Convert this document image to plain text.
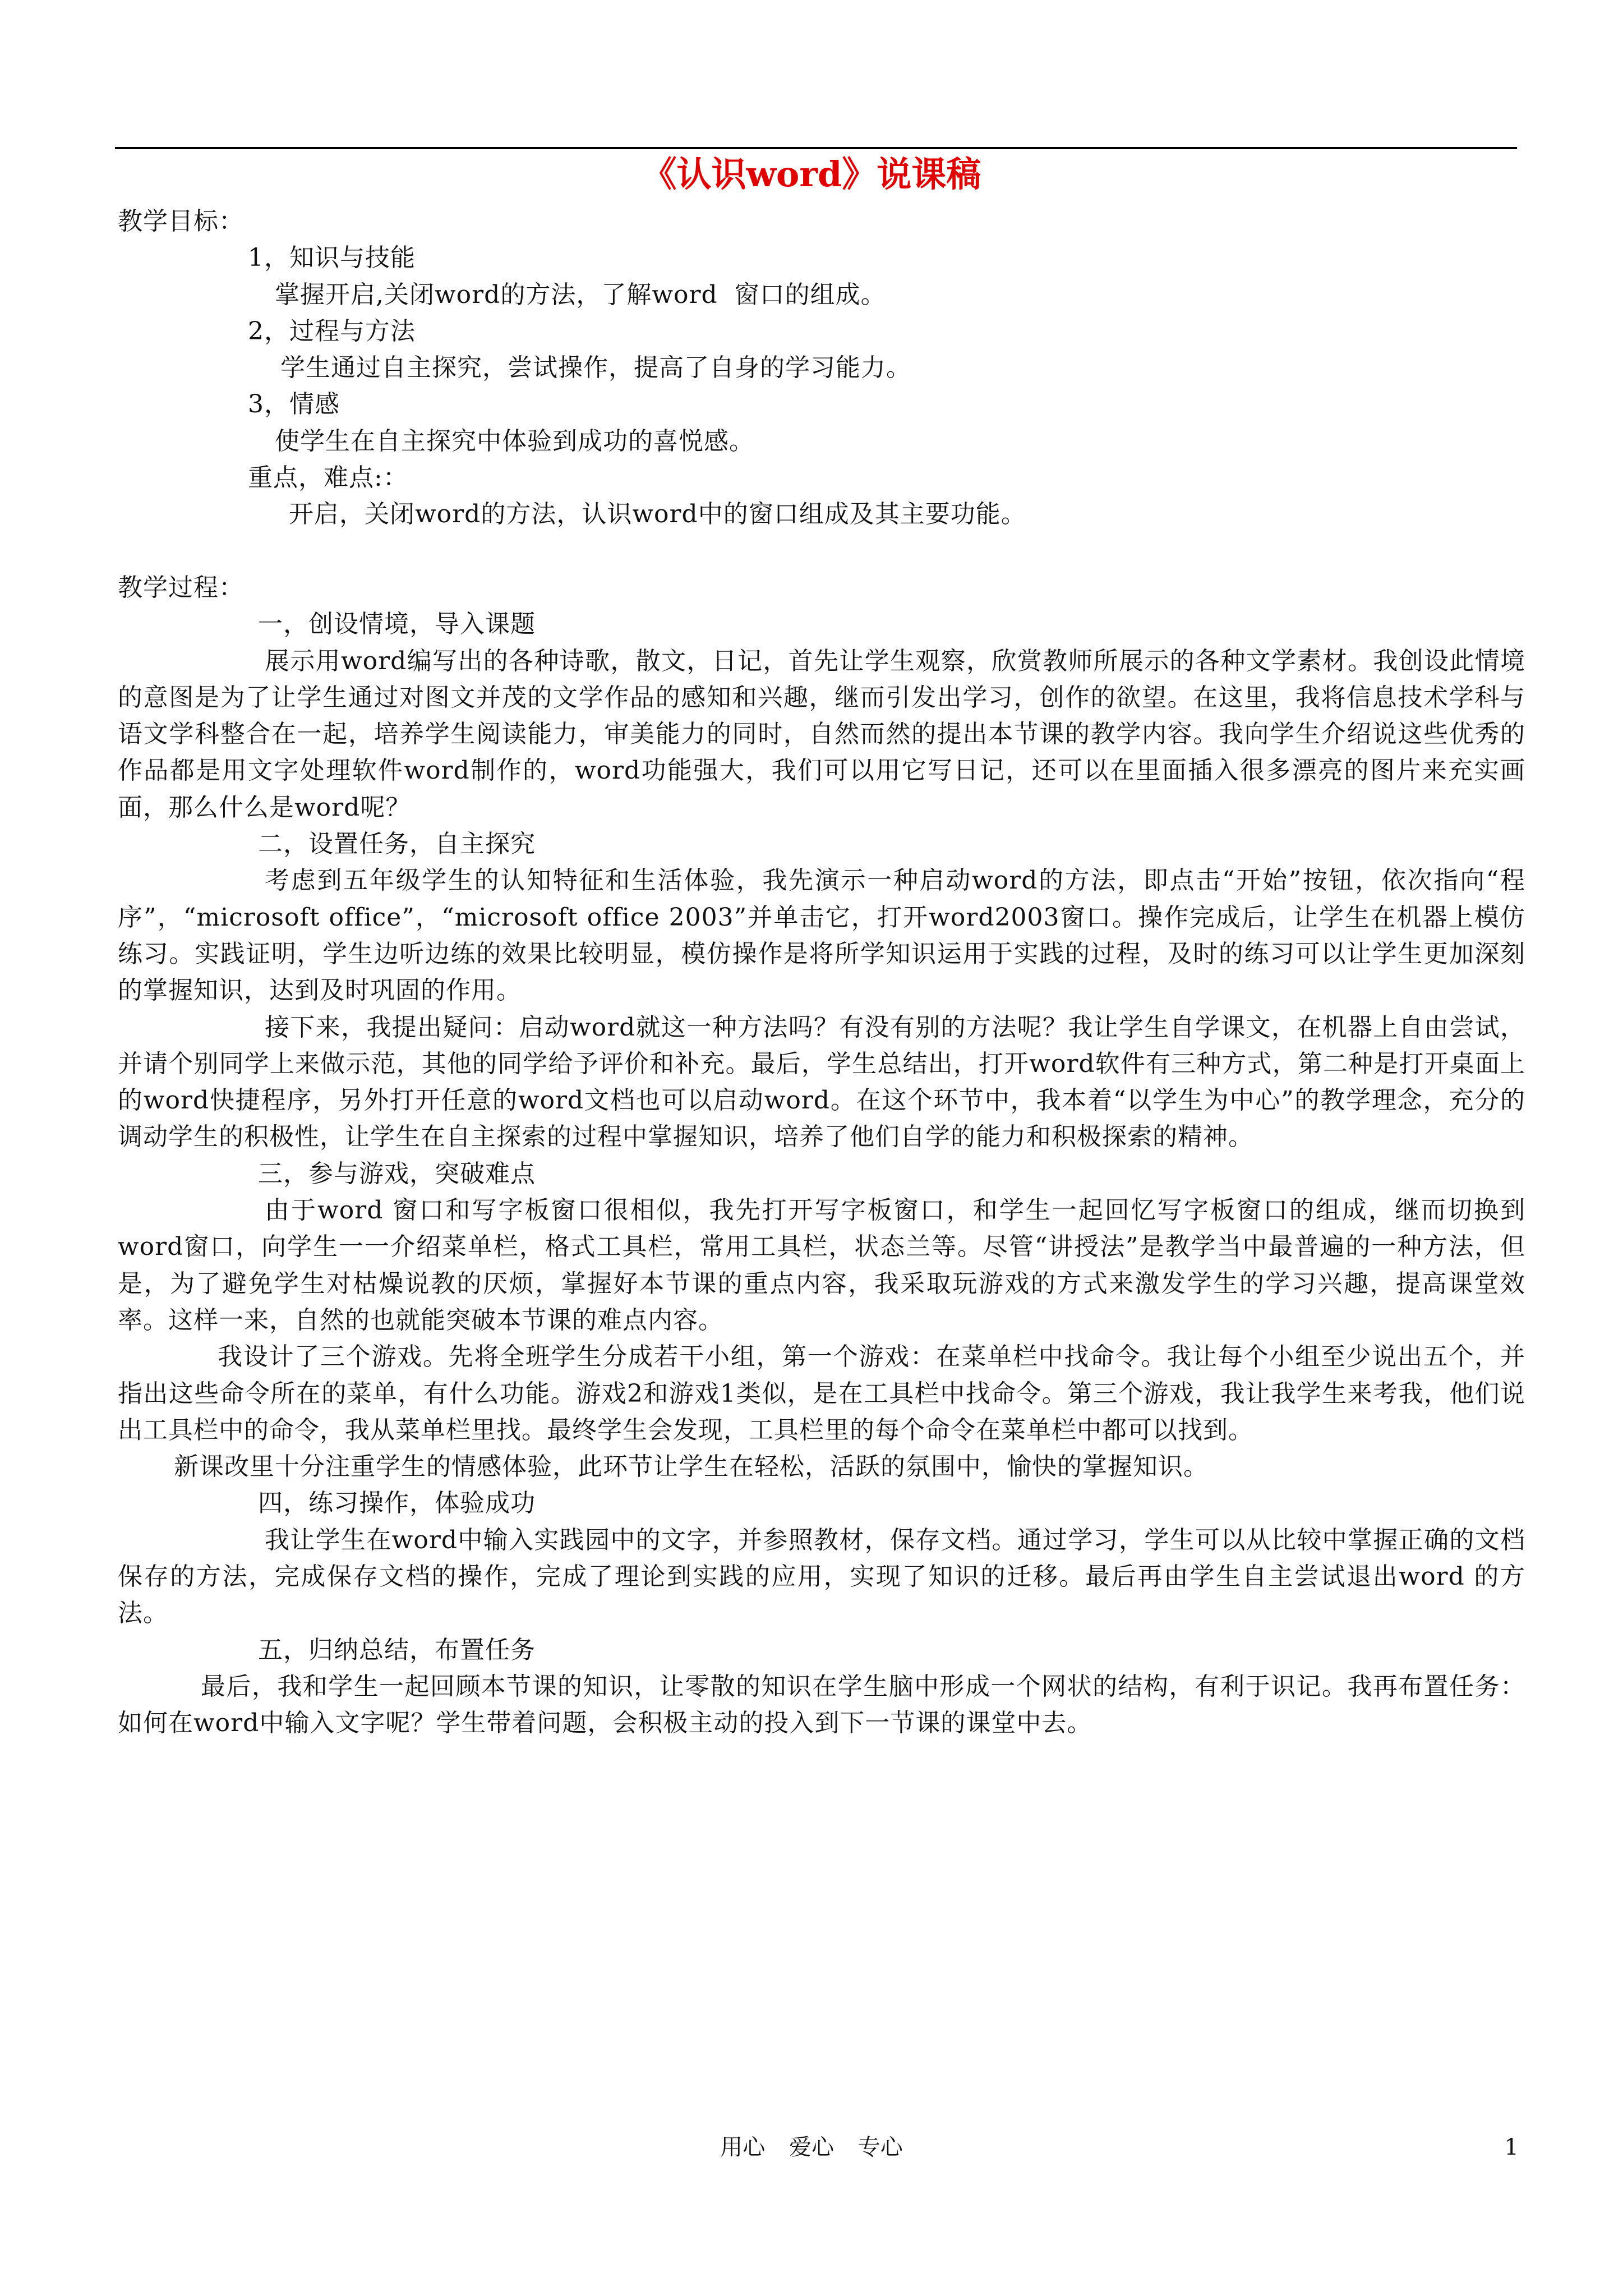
《认识word》说课稿

教学目标：

1，知识与技能

掌握开启,关闭word的方法，了解word  窗口的组成。

2，过程与方法

学生通过自主探究，尝试操作，提高了自身的学习能力。

3，情感

使学生在自主探究中体验到成功的喜悦感。

重点，难点:：

开启，关闭word的方法，认识word中的窗口组成及其主要功能。

教学过程：

一，创设情境，导入课题

展示用word编写出的各种诗歌，散文，日记，首先让学生观察，欣赏教师所展示的各种文学素材。我创设此情境的意图是为了让学生通过对图文并茂的文学作品的感知和兴趣，继而引发出学习，创作的欲望。在这里，我将信息技术学科与语文学科整合在一起，培养学生阅读能力，审美能力的同时，自然而然的提出本节课的教学内容。我向学生介绍说这些优秀的作品都是用文字处理软件word制作的，word功能强大，我们可以用它写日记，还可以在里面插入很多漂亮的图片来充实画面，那么什么是word呢？

二，设置任务，自主探究

考虑到五年级学生的认知特征和生活体验，我先演示一种启动word的方法，即点击“开始”按钮，依次指向“程序”，“microsoft office”，“microsoft office 2003”并单击它，打开word2003窗口。操作完成后，让学生在机器上模仿练习。实践证明，学生边听边练的效果比较明显，模仿操作是将所学知识运用于实践的过程，及时的练习可以让学生更加深刻的掌握知识，达到及时巩固的作用。

接下来，我提出疑问：启动word就这一种方法吗？有没有别的方法呢？我让学生自学课文，在机器上自由尝试，并请个别同学上来做示范，其他的同学给予评价和补充。最后，学生总结出，打开word软件有三种方式，第二种是打开桌面上的word快捷程序，另外打开任意的word文档也可以启动word。在这个环节中，我本着“以学生为中心”的教学理念，充分的调动学生的积极性，让学生在自主探索的过程中掌握知识，培养了他们自学的能力和积极探索的精神。

三，参与游戏，突破难点

由于word 窗口和写字板窗口很相似，我先打开写字板窗口，和学生一起回忆写字板窗口的组成，继而切换到word窗口，向学生一一介绍菜单栏，格式工具栏，常用工具栏，状态兰等。尽管“讲授法”是教学当中最普遍的一种方法，但是，为了避免学生对枯燥说教的厌烦，掌握好本节课的重点内容，我采取玩游戏的方式来激发学生的学习兴趣，提高课堂效率。这样一来，自然的也就能突破本节课的难点内容。

我设计了三个游戏。先将全班学生分成若干小组，第一个游戏：在菜单栏中找命令。我让每个小组至少说出五个，并指出这些命令所在的菜单，有什么功能。游戏2和游戏1类似，是在工具栏中找命令。第三个游戏，我让我学生来考我，他们说出工具栏中的命令，我从菜单栏里找。最终学生会发现，工具栏里的每个命令在菜单栏中都可以找到。

新课改里十分注重学生的情感体验，此环节让学生在轻松，活跃的氛围中，愉快的掌握知识。

四，练习操作，体验成功

我让学生在word中输入实践园中的文字，并参照教材，保存文档。通过学习，学生可以从比较中掌握正确的文档保存的方法，完成保存文档的操作，完成了理论到实践的应用，实现了知识的迁移。最后再由学生自主尝试退出word 的方法。

五，归纳总结，布置任务

最后，我和学生一起回顾本节课的知识，让零散的知识在学生脑中形成一个网状的结构，有利于识记。我再布置任务：如何在word中输入文字呢？学生带着问题，会积极主动的投入到下一节课的课堂中去。

用心 爱心 专心	1
